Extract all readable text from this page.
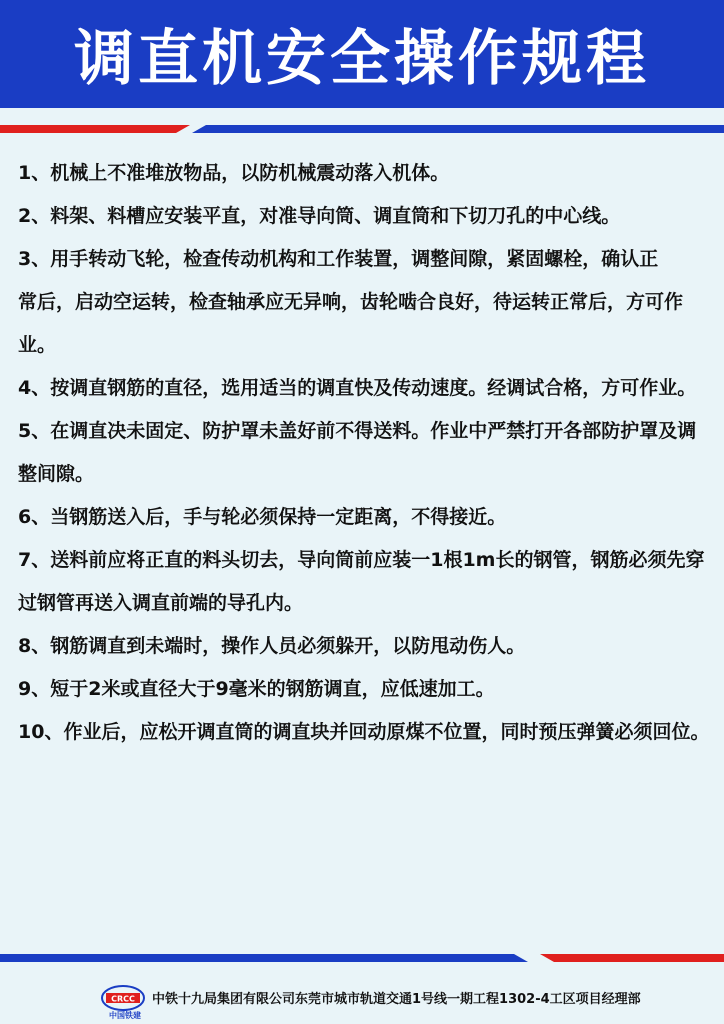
调直机安全操作规程

1、机械上不准堆放物品，以防机械震动落入机体。

2、料架、料槽应安装平直，对准导向筒、调直筒和下切刀孔的中心线。

3、用手转动飞轮，检查传动机构和工作装置，调整间隙，紧固螺栓，确认正

常后，启动空运转，检查轴承应无异响，齿轮啮合良好，待运转正常后，方可作业。

4、按调直钢筋的直径，选用适当的调直快及传动速度。经调试合格，方可作业。

5、在调直决未固定、防护罩未盖好前不得送料。作业中严禁打开各部防护罩及调整间隙。

6、当钢筋送入后，手与轮必须保持一定距离，不得接近。

7、送料前应将正直的料头切去，导向筒前应装一1根1m长的钢管，钢筋必须先穿过钢管再送入调直前端的导孔内。

8、钢筋调直到未端时，操作人员必须躲开，以防甩动伤人。

9、短于2米或直径大于9毫米的钢筋调直，应低速加工。

10、作业后，应松开调直筒的调直块并回动原煤不位置，同时预压弹簧必须回位。

CRCC
中国铁建
中铁十九局集团有限公司东莞市城市轨道交通1号线一期工程1302-4工区项目经理部
